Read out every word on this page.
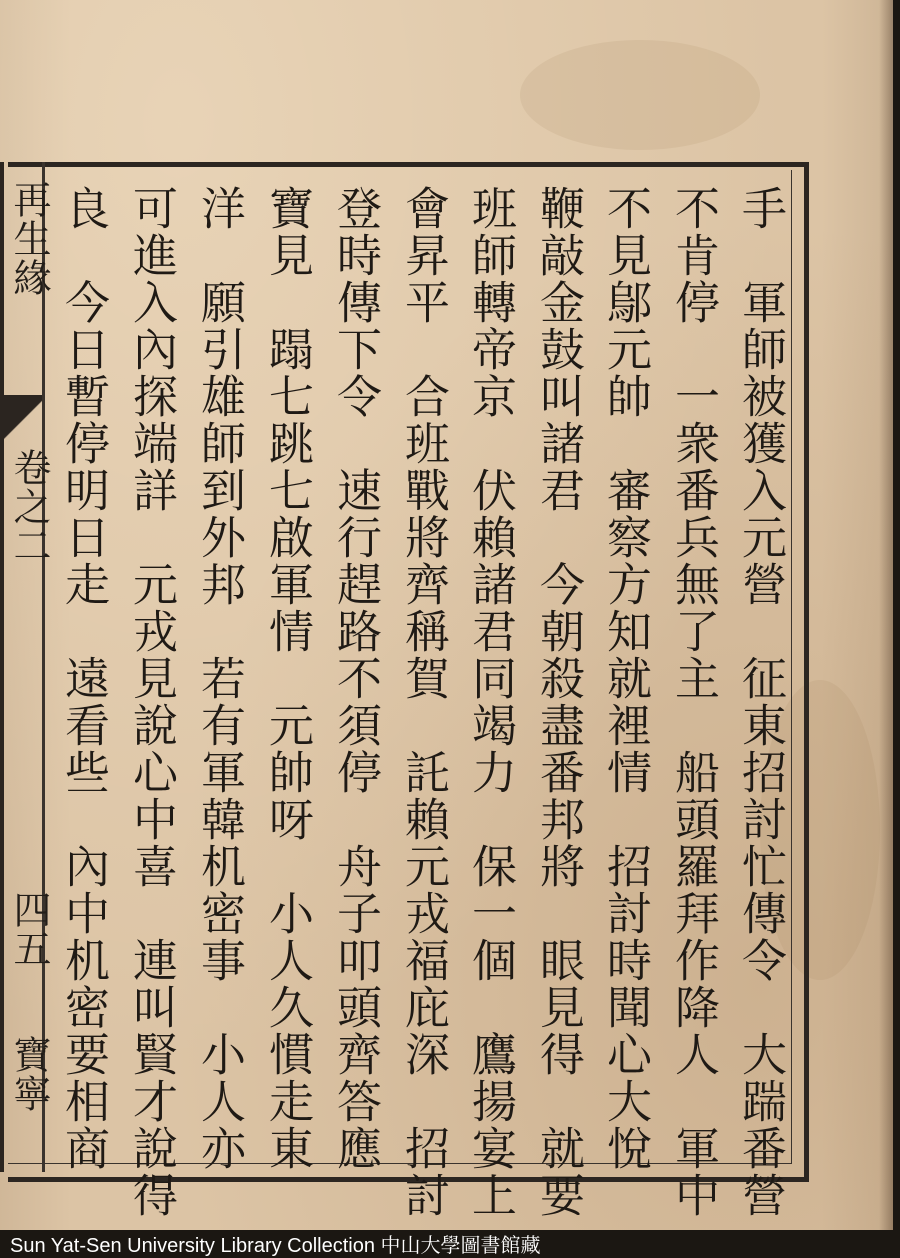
再生緣
卷之二
四五
寶寧	手　軍師被獲入元營　征東招討忙傳令　大踹番營
不肯停　一衆番兵無了主　船頭羅拜作降人　軍中
不見鄔元帥　審察方知就裡情　招討時聞心大悅
鞭敲金鼓叫諸君　今朝殺盡番邦將　眼見得　就要
班師轉帝京　伏賴諸君同竭力　保一個　鷹揚宴上
會昇平　合班戰將齊稱賀　託賴元戎福庇深　招討
登時傳下令　速行趕路不須停　舟子叩頭齊答應
寶見　蹋七跳七啟軍情　元帥呀　小人久慣走東
洋　願引雄師到外邦　若有軍韓机密事　小人亦
可進入內探端詳　元戎見說心中喜　連叫賢才說得
良　今日暫停明日走　遠看些　內中机密要相商
Sun Yat-Sen University Library Collection 中山大學圖書館藏
